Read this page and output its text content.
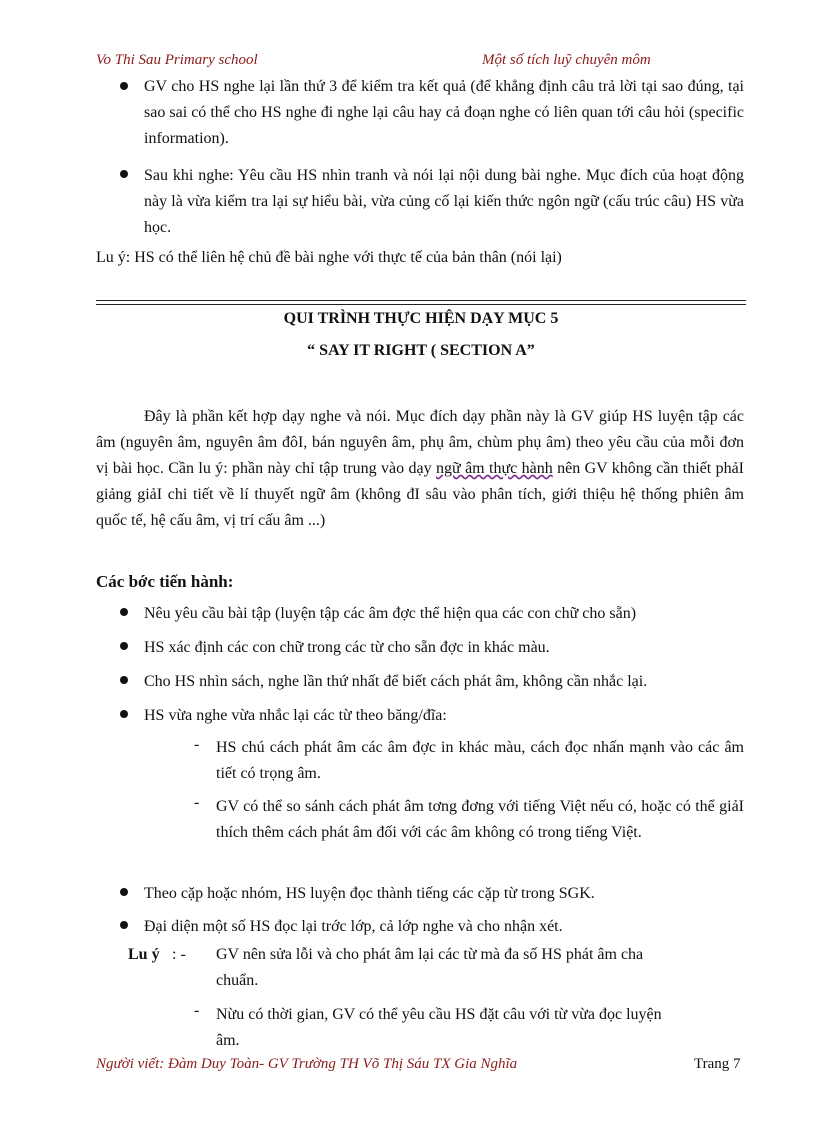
Vo Thi Sau Primary school	Một số tích luỹ chuyên môm
GV cho HS nghe lại lần thứ 3 để kiểm tra kết quả (để khẳng định câu trả lời tại sao đúng, tại sao sai có thể cho HS nghe đi nghe lại câu hay cả đoạn nghe có liên quan tới câu hỏi (specific information).
Sau khi nghe: Yêu cầu HS nhìn tranh và nói lại nội dung bài nghe. Mục đích của hoạt động này là vừa kiểm tra lại sự hiểu bài, vừa củng cố lại kiến thức ngôn ngữ (cấu trúc câu) HS vừa học.
Lu ý: HS có thể liên hệ chủ đề bài nghe với thực tế của bản thân (nói lại)
QUI TRÌNH THỰC HIỆN DẠY MỤC 5
“ SAY IT RIGHT ( SECTION A”
Đây là phần kết hợp dạy nghe và nói. Mục đích dạy phần này là GV giúp HS luyện tập các âm (nguyên âm, nguyên âm đôI, bán nguyên âm, phụ âm, chùm phụ âm) theo yêu cầu của mỗi đơn vị bài học. Cần lu ý: phần này chỉ tập trung vào dạy ngữ âm thực hành nên GV không cần thiết phảI giảng giảI chi tiết về lí thuyết ngữ âm (không đI sâu vào phân tích, giới thiệu hệ thống phiên âm quốc tế, hệ cấu âm, vị trí cấu âm ...)
Các bớc tiến hành:
Nêu yêu cầu bài tập (luyện tập các âm đợc thể hiện qua các con chữ cho sẵn)
HS xác định các con chữ trong các từ cho sẵn đợc in khác màu.
Cho HS nhìn sách, nghe lần thứ nhất để biết cách phát âm, không cần nhắc lại.
HS vừa nghe vừa nhắc lại các từ theo băng/đĩa:
- HS chú cách phát âm các âm đợc in khác màu, cách đọc nhấn mạnh vào các âm tiết có trọng âm.
- GV có thể so sánh cách phát âm tơng đơng với tiếng Việt nếu có, hoặc có thể giảI thích thêm cách phát âm đối với các âm không có trong tiếng Việt.
Theo cặp hoặc nhóm, HS luyện đọc thành tiếng các cặp từ trong SGK.
Đại diện một số HS đọc lại trớc lớp, cả lớp nghe và cho nhận xét.
Lu ý : - GV nên sửa lỗi và cho phát âm lại các từ mà đa số HS phát âm cha chuẩn.
- Nừu có thời gian, GV có thể yêu cầu HS đặt câu với từ vừa đọc luyện âm.
Người viết: Đàm Duy Toàn- GV Trường TH Võ Thị Sáu TX Gia Nghĩa	Trang 7
